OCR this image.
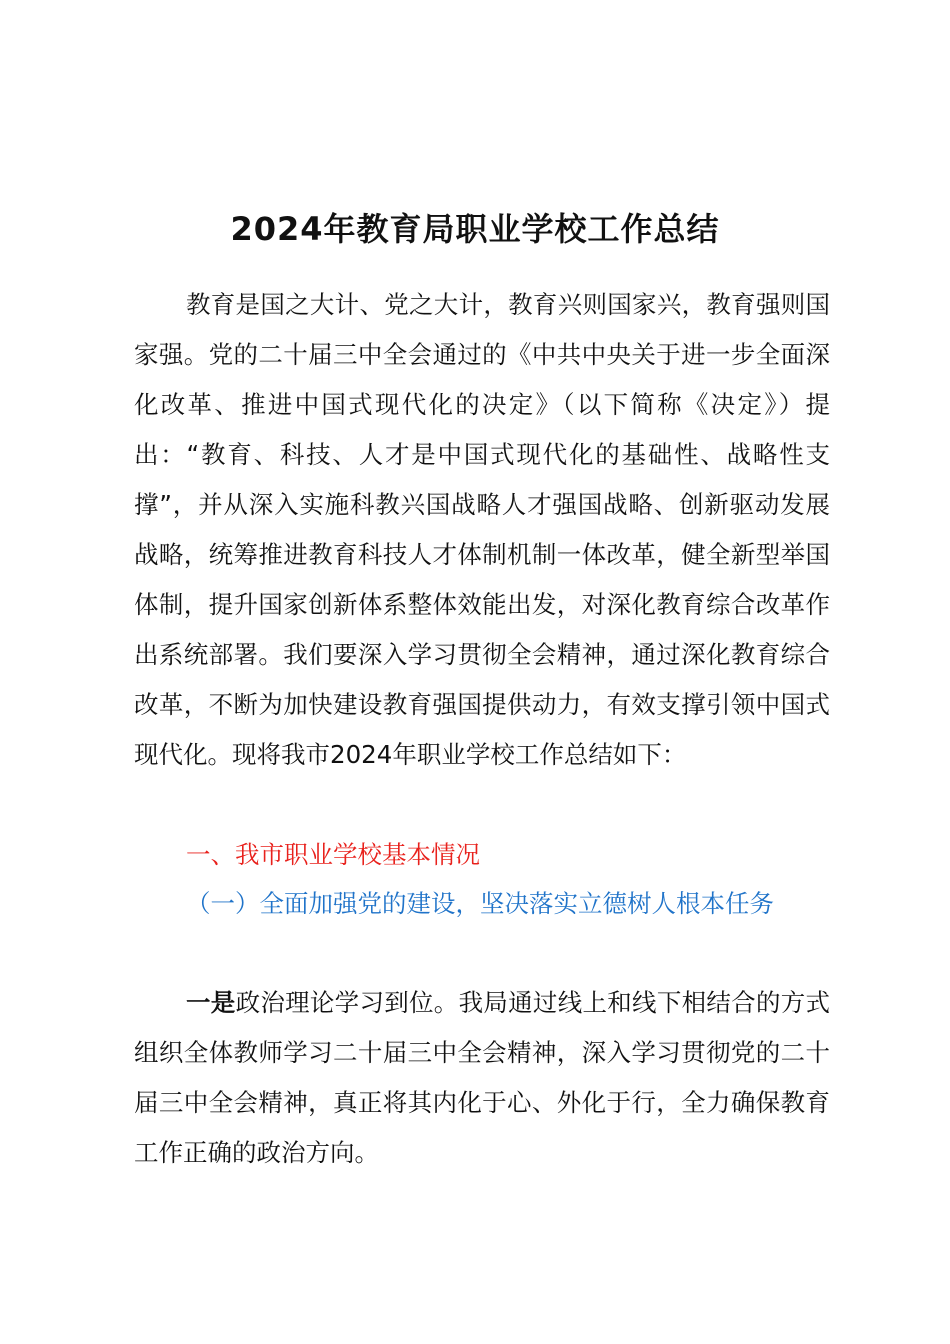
2024年教育局职业学校工作总结

教育是国之大计、党之大计，教育兴则国家兴，教育强则国家强。党的二十届三中全会通过的《中共中央关于进一步全面深化改革、推进中国式现代化的决定》（以下简称《决定》）提出：“教育、科技、人才是中国式现代化的基础性、战略性支撑”，并从深入实施科教兴国战略人才强国战略、创新驱动发展战略，统筹推进教育科技人才体制机制一体改革，健全新型举国体制，提升国家创新体系整体效能出发，对深化教育综合改革作出系统部署。我们要深入学习贯彻全会精神，通过深化教育综合改革，不断为加快建设教育强国提供动力，有效支撑引领中国式现代化。现将我市2024年职业学校工作总结如下：

一、我市职业学校基本情况

（一）全面加强党的建设，坚决落实立德树人根本任务

一是政治理论学习到位。我局通过线上和线下相结合的方式组织全体教师学习二十届三中全会精神，深入学习贯彻党的二十届三中全会精神，真正将其内化于心、外化于行，全力确保教育工作正确的政治方向。
